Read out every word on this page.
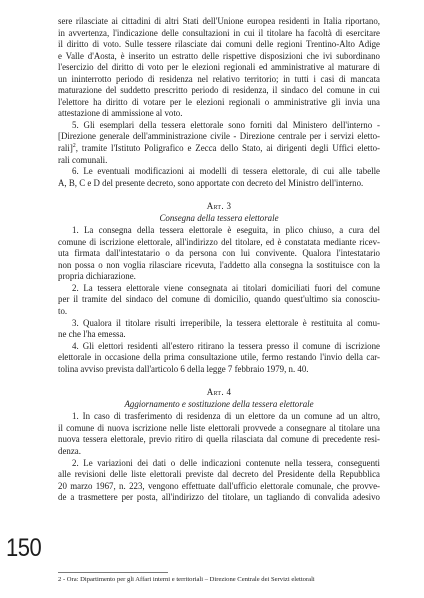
sere rilasciate ai cittadini di altri Stati dell'Unione europea residenti in Italia riportano,
in avvertenza, l'indicazione delle consultazioni in cui il titolare ha facoltà di esercitare
il diritto di voto. Sulle tessere rilasciate dai comuni delle regioni Trentino-Alto Adige
e Valle d'Aosta, è inserito un estratto delle rispettive disposizioni che ivi subordinano
l'esercizio del diritto di voto per le elezioni regionali ed amministrative al maturare di
un ininterrotto periodo di residenza nel relativo territorio; in tutti i casi di mancata
maturazione del suddetto prescritto periodo di residenza, il sindaco del comune in cui
l'elettore ha diritto di votare per le elezioni regionali o amministrative gli invia una
attestazione di ammissione al voto.

5. Gli esemplari della tessera elettorale sono forniti dal Ministero dell'interno -
[Direzione generale dell'amministrazione civile - Direzione centrale per i servizi eletto-
rali]$^2$, tramite l'Istituto Poligrafico e Zecca dello Stato, ai dirigenti degli Uffici eletto-
rali comunali.

6. Le eventuali modificazioni ai modelli di tessera elettorale, di cui alle tabelle
A, B, C e D del presente decreto, sono apportate con decreto del Ministro dell'interno.

Art. 3
Consegna della tessera elettorale

1. La consegna della tessera elettorale è eseguita, in plico chiuso, a cura del
comune di iscrizione elettorale, all'indirizzo del titolare, ed è constatata mediante ricev-
uta firmata dall'intestatario o da persona con lui convivente. Qualora l'intestatario
non possa o non voglia rilasciare ricevuta, l'addetto alla consegna la sostituisce con la
propria dichiarazione.

2. La tessera elettorale viene consegnata ai titolari domiciliati fuori del comune
per il tramite del sindaco del comune di domicilio, quando quest'ultimo sia conosciu-
to.

3. Qualora il titolare risulti irreperibile, la tessera elettorale è restituita al comu-
ne che l'ha emessa.

4. Gli elettori residenti all'estero ritirano la tessera presso il comune di iscrizione
elettorale in occasione della prima consultazione utile, fermo restando l'invio della car-
tolina avviso prevista dall'articolo 6 della legge 7 febbraio 1979, n. 40.

Art. 4
Aggiornamento e sostituzione della tessera elettorale

1. In caso di trasferimento di residenza di un elettore da un comune ad un altro,
il comune di nuova iscrizione nelle liste elettorali provvede a consegnare al titolare una
nuova tessera elettorale, previo ritiro di quella rilasciata dal comune di precedente resi-
denza.

2. Le variazioni dei dati o delle indicazioni contenute nella tessera, conseguenti
alle revisioni delle liste elettorali previste dal decreto del Presidente della Repubblica
20 marzo 1967, n. 223, vengono effettuate dall'ufficio elettorale comunale, che provve-
de a trasmettere per posta, all'indirizzo del titolare, un tagliando di convalida adesivo

150
2 - Ora: Dipartimento per gli Affari interni e territoriali – Direzione Centrale dei Servizi elettorali
